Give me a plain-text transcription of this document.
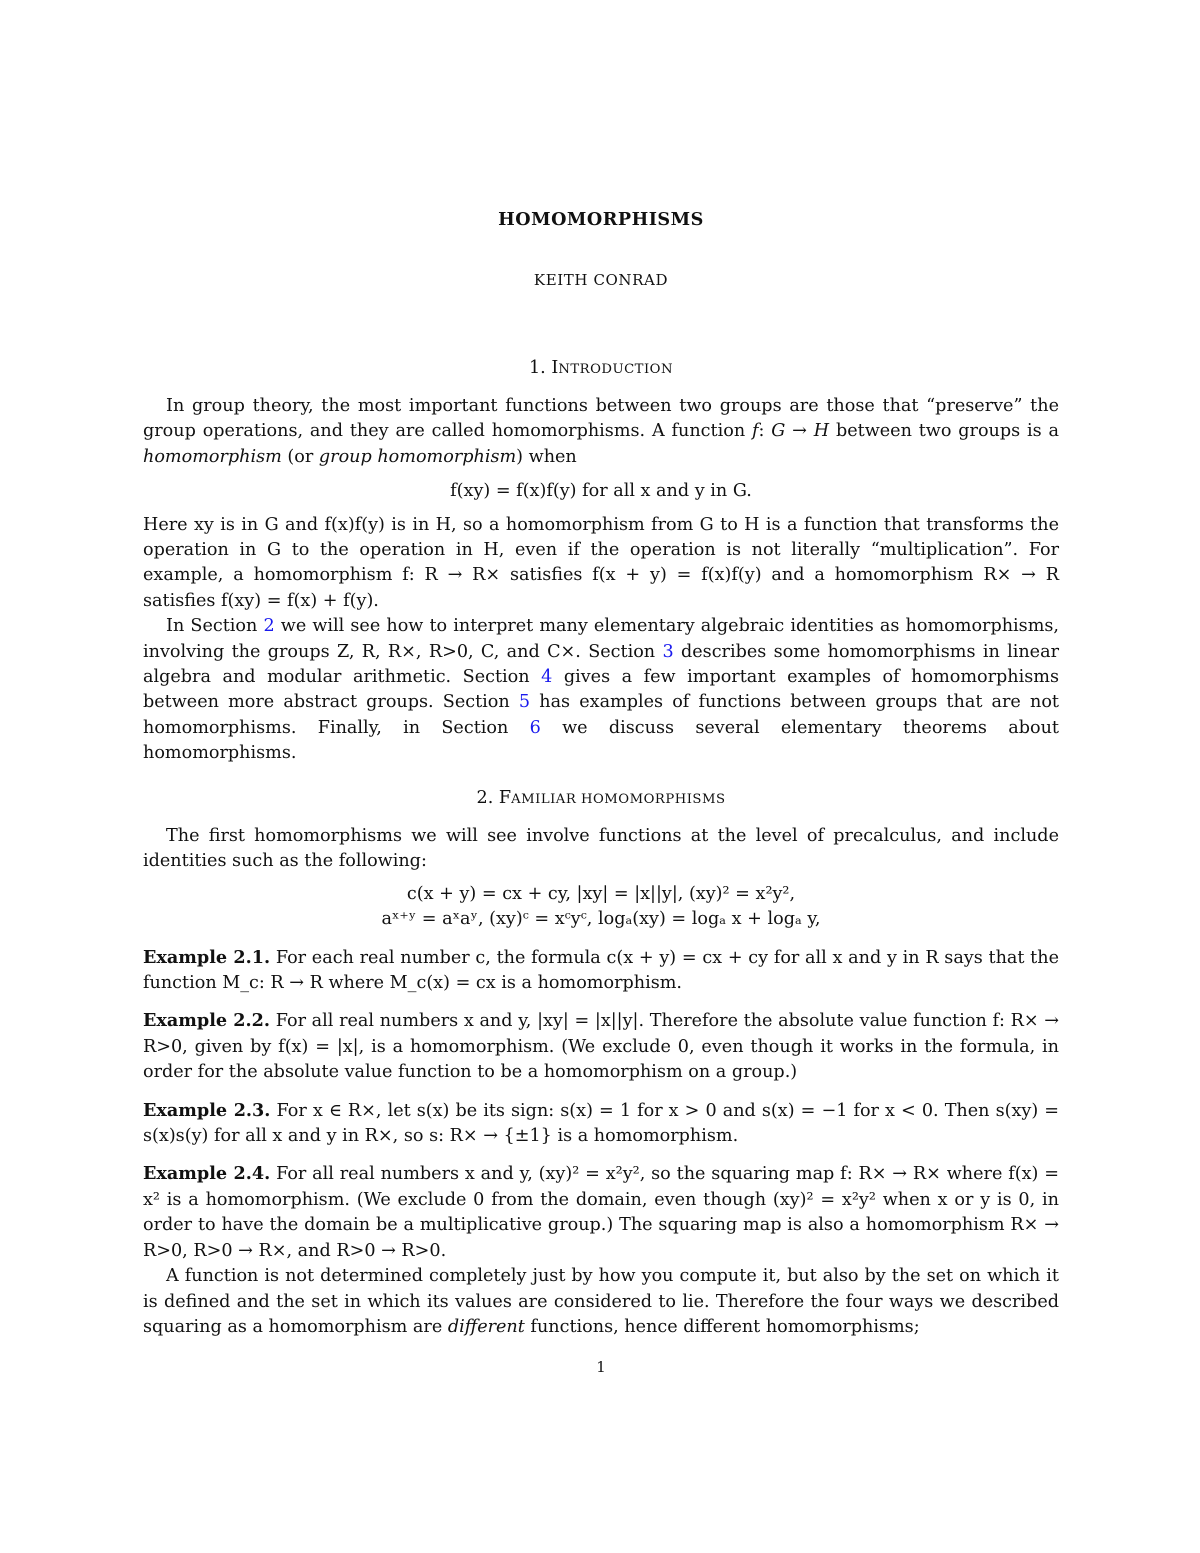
HOMOMORPHISMS
KEITH CONRAD
1. INTRODUCTION

In group theory, the most important functions between two groups are those that “preserve” the group operations, and they are called homomorphisms. A function f: G → H between two groups is a homomorphism (or group homomorphism) when

f(xy) = f(x)f(y) for all x and y in G.

Here xy is in G and f(x)f(y) is in H, so a homomorphism from G to H is a function that transforms the operation in G to the operation in H, even if the operation is not literally “multiplication”. For example, a homomorphism f: R → R× satisfies f(x + y) = f(x)f(y) and a homomorphism R× → R satisfies f(xy) = f(x) + f(y).

In Section 2 we will see how to interpret many elementary algebraic identities as homomorphisms, involving the groups Z, R, R×, R>0, C, and C×. Section 3 describes some homomorphisms in linear algebra and modular arithmetic. Section 4 gives a few important examples of homomorphisms between more abstract groups. Section 5 has examples of functions between groups that are not homomorphisms. Finally, in Section 6 we discuss several elementary theorems about homomorphisms.

2. FAMILIAR HOMOMORPHISMS

The first homomorphisms we will see involve functions at the level of precalculus, and include identities such as the following:

c(x + y) = cx + cy, |xy| = |x||y|, (xy)² = x²y²,

aˣ⁺ʸ = aˣaʸ, (xy)ᶜ = xᶜyᶜ, logₐ(xy) = logₐ x + logₐ y,

Example 2.1. For each real number c, the formula c(x + y) = cx + cy for all x and y in R says that the function M_c: R → R where M_c(x) = cx is a homomorphism.

Example 2.2. For all real numbers x and y, |xy| = |x||y|. Therefore the absolute value function f: R× → R>0, given by f(x) = |x|, is a homomorphism. (We exclude 0, even though it works in the formula, in order for the absolute value function to be a homomorphism on a group.)

Example 2.3. For x ∈ R×, let s(x) be its sign: s(x) = 1 for x > 0 and s(x) = −1 for x < 0. Then s(xy) = s(x)s(y) for all x and y in R×, so s: R× → {±1} is a homomorphism.

Example 2.4. For all real numbers x and y, (xy)² = x²y², so the squaring map f: R× → R× where f(x) = x² is a homomorphism. (We exclude 0 from the domain, even though (xy)² = x²y² when x or y is 0, in order to have the domain be a multiplicative group.) The squaring map is also a homomorphism R× → R>0, R>0 → R×, and R>0 → R>0.

A function is not determined completely just by how you compute it, but also by the set on which it is defined and the set in which its values are considered to lie. Therefore the four ways we described squaring as a homomorphism are different functions, hence different homomorphisms;

1
